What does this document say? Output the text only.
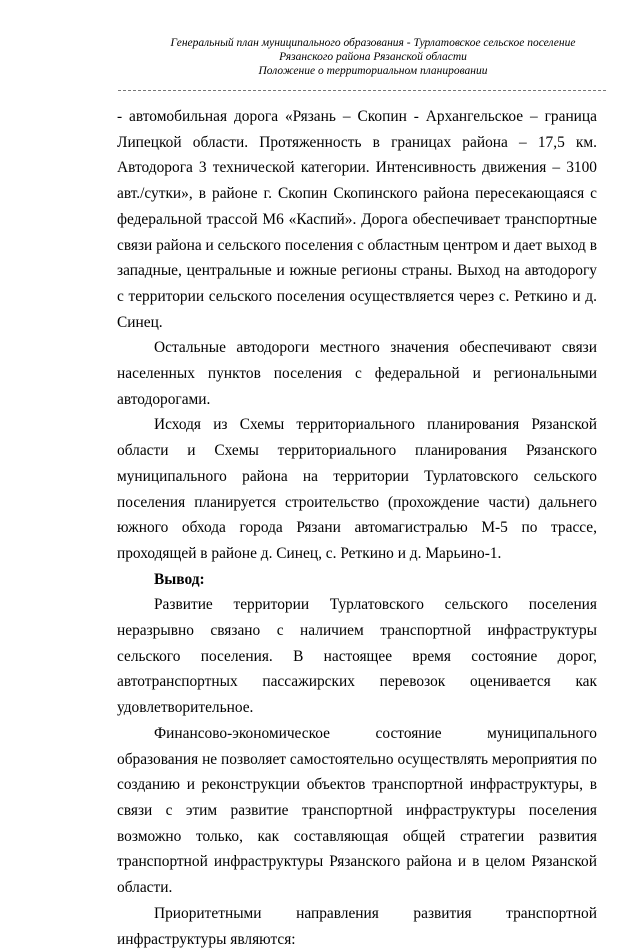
Генеральный план муниципального образования - Турлатовское сельское поселение
Рязанского района Рязанской области
Положение о территориальном планировании

- автомобильная дорога «Рязань – Скопин - Архангельское – граница Липецкой области. Протяженность в границах района – 17,5 км. Автодорога 3 технической категории. Интенсивность движения – 3100 авт./сутки», в районе г. Скопин Скопинского района пересекающаяся с федеральной трассой М6 «Каспий». Дорога обеспечивает транспортные связи района и сельского поселения с областным центром и дает выход в западные, центральные и южные регионы страны. Выход на автодорогу с территории сельского поселения осуществляется через с. Реткино и д. Синец.

Остальные автодороги местного значения обеспечивают связи населенных пунктов поселения с федеральной и региональными автодорогами.

Исходя из Схемы территориального планирования Рязанской области и Схемы территориального планирования Рязанского муниципального района на территории Турлатовского сельского поселения планируется строительство (прохождение части) дальнего южного обхода города Рязани автомагистралью М-5 по трассе, проходящей в районе д. Синец, с. Реткино и д. Марьино-1.

Вывод:

Развитие территории Турлатовского сельского поселения неразрывно связано с наличием транспортной инфраструктуры сельского поселения. В настоящее время состояние дорог, автотранспортных пассажирских перевозок оценивается как удовлетворительное.

Финансово-экономическое состояние муниципального образования не позволяет самостоятельно осуществлять мероприятия по созданию и реконструкции объектов транспортной инфраструктуры, в связи с этим развитие транспортной инфраструктуры поселения возможно только, как составляющая общей стратегии развития транспортной инфраструктуры Рязанского района и в целом Рязанской области.

Приоритетными направления развития транспортной инфраструктуры являются:
